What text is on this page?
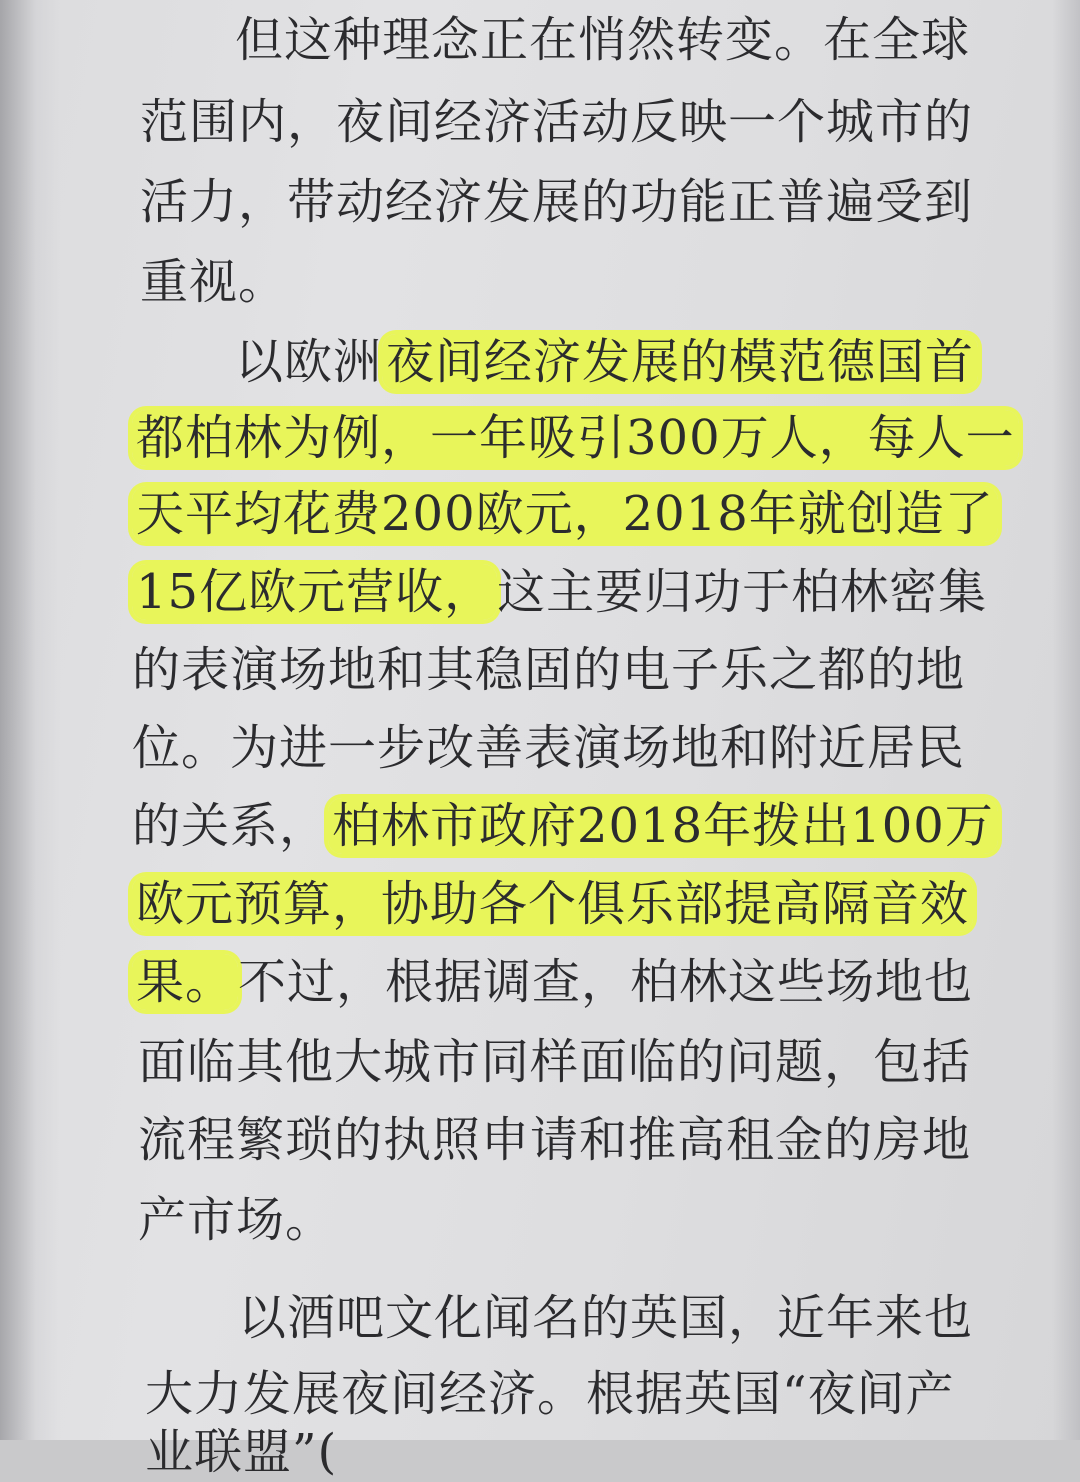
但这种理念正在悄然转变。在全球
范围内，夜间经济活动反映一个城市的
活力，带动经济发展的功能正普遍受到
重视。
以欧洲夜间经济发展的模范德国首
都柏林为例，一年吸引300万人，每人一
天平均花费200欧元，2018年就创造了
15亿欧元营收，这主要归功于柏林密集
的表演场地和其稳固的电子乐之都的地
位。为进一步改善表演场地和附近居民
的关系，柏林市政府2018年拨出100万
欧元预算，协助各个俱乐部提高隔音效
果。不过，根据调查，柏林这些场地也
面临其他大城市同样面临的问题，包括
流程繁琐的执照申请和推高租金的房地
产市场。
以酒吧文化闻名的英国，近年来也
大力发展夜间经济。根据英国“夜间产
业联盟”(
